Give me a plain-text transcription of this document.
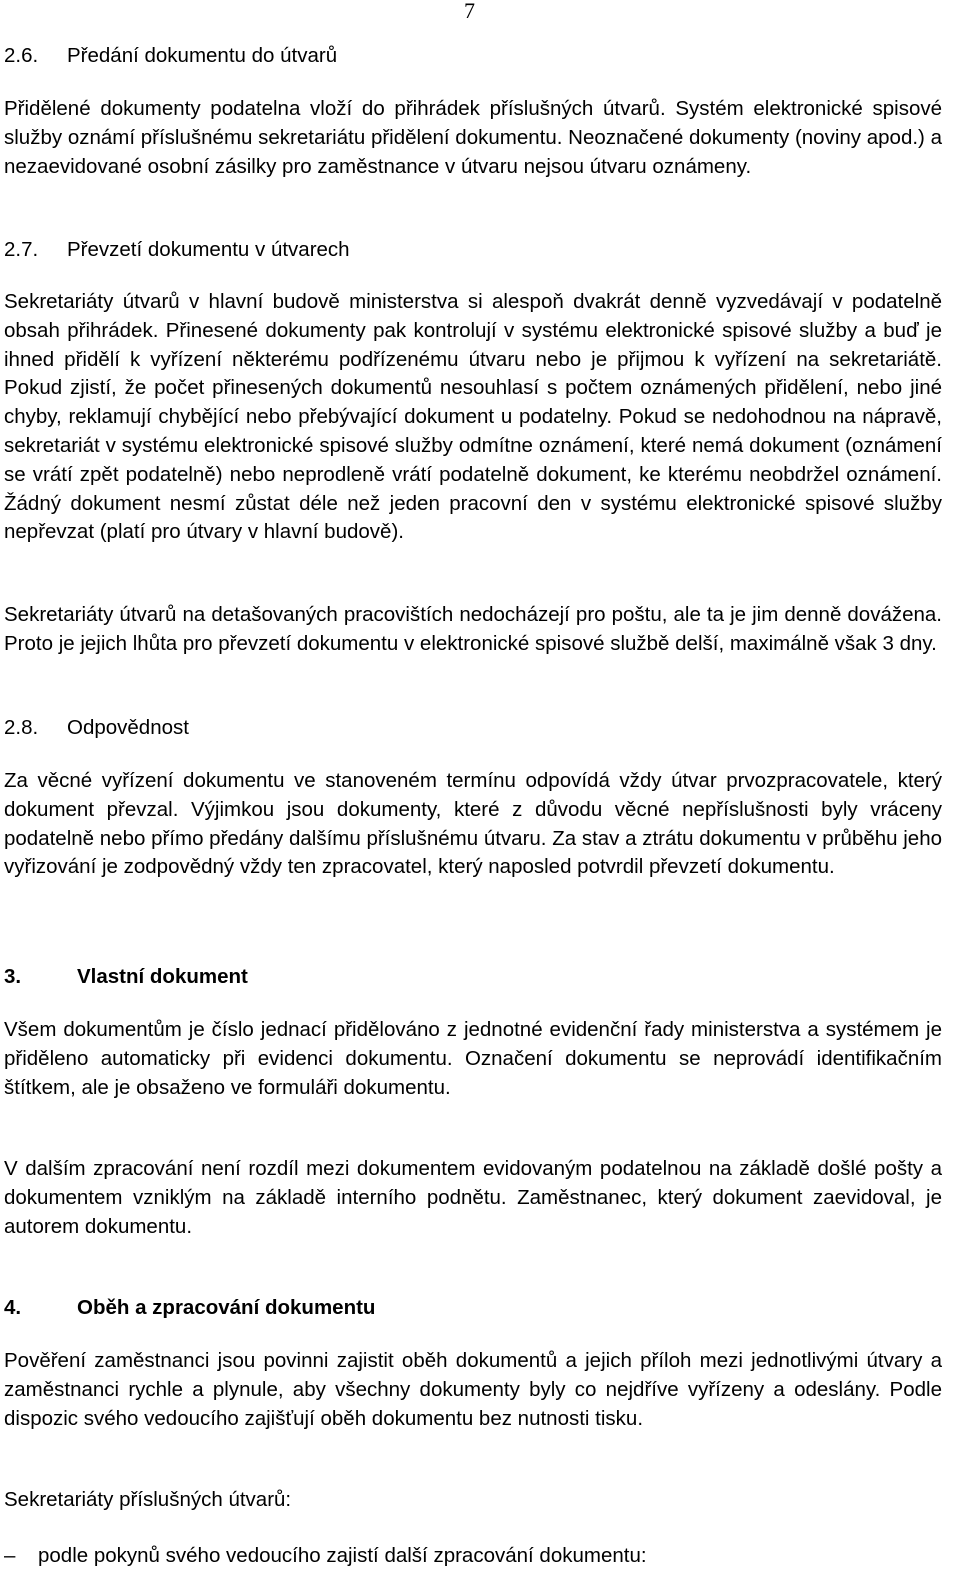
7
2.6. Předání dokumentu do útvarů

Přidělené dokumenty podatelna vloží do přihrádek příslušných útvarů. Systém elektronické spisové služby oznámí příslušnému sekretariátu přidělení dokumentu. Neoznačené dokumenty (noviny apod.) a nezaevidované osobní zásilky pro zaměstnance v útvaru nejsou útvaru oznámeny.

2.7. Převzetí dokumentu v útvarech

Sekretariáty útvarů v hlavní budově ministerstva si alespoň dvakrát denně vyzvedávají v podatelně obsah přihrádek. Přinesené dokumenty pak kontrolují v systému elektronické spisové služby a buď je ihned přidělí k vyřízení některému podřízenému útvaru nebo je přijmou k vyřízení na sekretariátě. Pokud zjistí, že počet přinesených dokumentů nesouhlasí s počtem oznámených přidělení, nebo jiné chyby, reklamují chybějící nebo přebývající dokument u podatelny. Pokud se nedohodnou na nápravě, sekretariát v systému elektronické spisové služby odmítne oznámení, které nemá dokument (oznámení se vrátí zpět podatelně) nebo neprodleně vrátí podatelně dokument, ke kterému neobdržel oznámení. Žádný dokument nesmí zůstat déle než jeden pracovní den v systému elektronické spisové služby nepřevzat (platí pro útvary v hlavní budově).

Sekretariáty útvarů na detašovaných pracovištích nedocházejí pro poštu, ale ta je jim denně dovážena. Proto je jejich lhůta pro převzetí dokumentu v elektronické spisové službě delší, maximálně však 3 dny.

2.8. Odpovědnost

Za věcné vyřízení dokumentu ve stanoveném termínu odpovídá vždy útvar prvozpracovatele, který dokument převzal. Výjimkou jsou dokumenty, které z důvodu věcné nepříslušnosti byly vráceny podatelně nebo přímo předány dalšímu příslušnému útvaru. Za stav a ztrátu dokumentu v průběhu jeho vyřizování je zodpovědný vždy ten zpracovatel, který naposled potvrdil převzetí dokumentu.

3.	Vlastní dokument

Všem dokumentům je číslo jednací přidělováno z jednotné evidenční řady ministerstva a systémem je přiděleno automaticky při evidenci dokumentu. Označení dokumentu se neprovádí identifikačním štítkem, ale je obsaženo ve formuláři dokumentu.

V dalším zpracování není rozdíl mezi dokumentem evidovaným podatelnou na základě došlé pošty a dokumentem vzniklým na základě interního podnětu. Zaměstnanec, který dokument zaevidoval, je autorem dokumentu.

4.	Oběh a zpracování dokumentu

Pověření zaměstnanci jsou povinni zajistit oběh dokumentů a jejich příloh mezi jednotlivými útvary a zaměstnanci rychle a plynule, aby všechny dokumenty byly co nejdříve vyřízeny a odeslány. Podle dispozic svého vedoucího zajišťují oběh dokumentu bez nutnosti tisku.

Sekretariáty příslušných útvarů:

– podle pokynů svého vedoucího zajistí další zpracování dokumentu:
